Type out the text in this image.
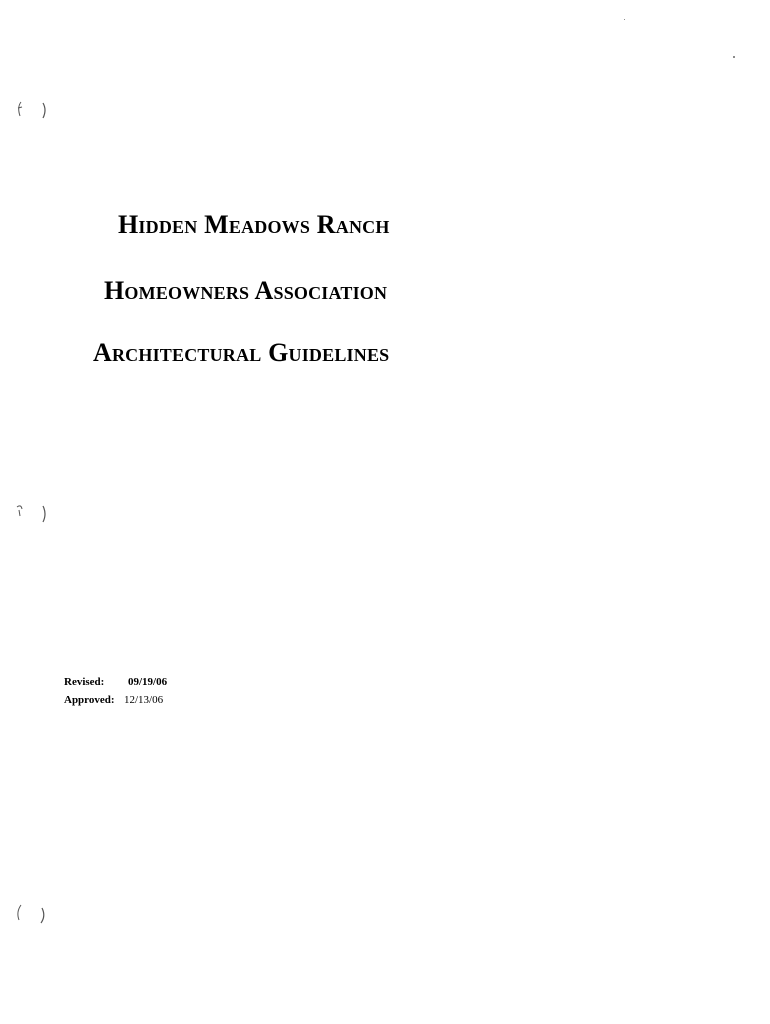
Hidden Meadows Ranch
Homeowners Association
Architectural Guidelines
Revised: 09/19/06
Approved: 12/13/06
